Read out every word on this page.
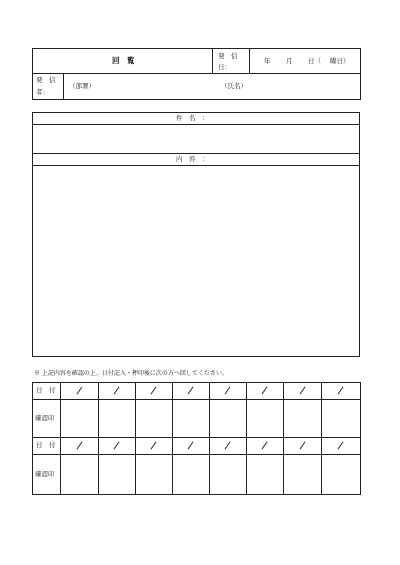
回　覧	発　信
日：
年 月 日（ 曜日）
発　信
者：
（部署）	（氏名）
件　名　：
内　容　：
※ 上記内容を確認の上、日付記入・押印後に次の方へ回してください。
日　付
確認印
日　付
確認印
